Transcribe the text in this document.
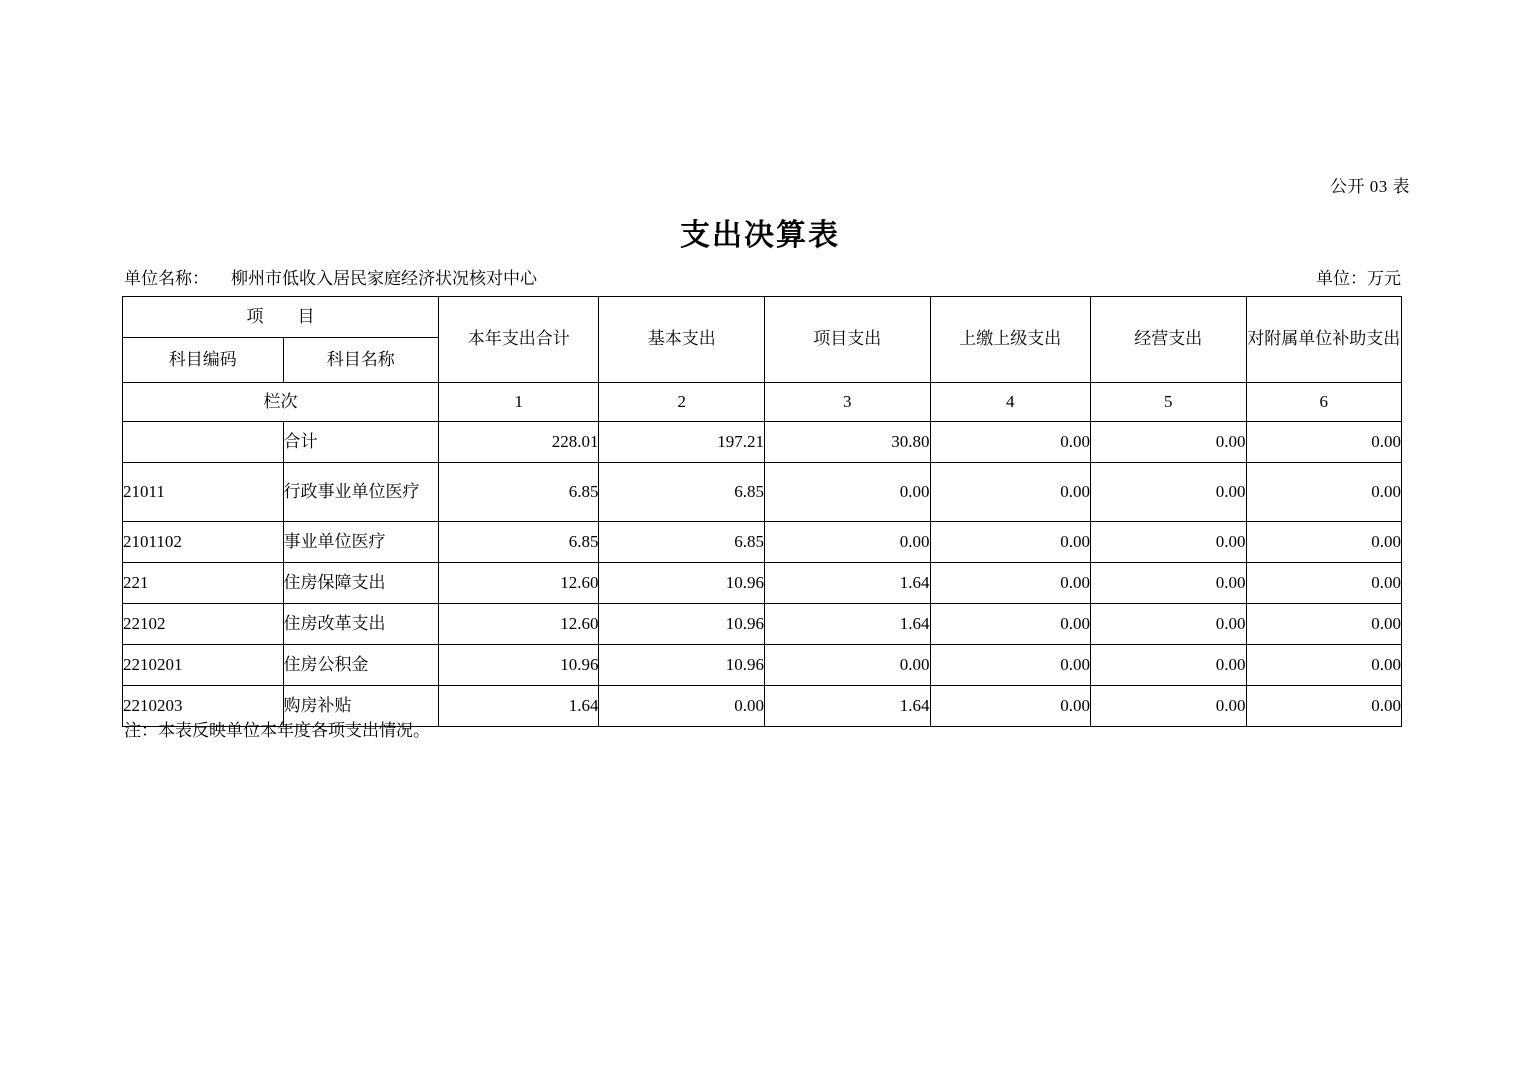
公开 03 表
支出决算表
单位名称： 柳州市低收入居民家庭经济状况核对中心	单位：万元
项　　目		本年支出合计	基本支出	项目支出	上缴上级支出	经营支出	对附属单位补助支出
科目编码	科目名称						
栏次		1	2	3	4	5	6
	合计	228.01	197.21	30.80	0.00	0.00	0.00
21011	行政事业单位医疗	6.85	6.85	0.00	0.00	0.00	0.00
2101102	事业单位医疗	6.85	6.85	0.00	0.00	0.00	0.00
221	住房保障支出	12.60	10.96	1.64	0.00	0.00	0.00
22102	住房改革支出	12.60	10.96	1.64	0.00	0.00	0.00
2210201	住房公积金	10.96	10.96	0.00	0.00	0.00	0.00
2210203	购房补贴	1.64	0.00	1.64	0.00	0.00	0.00
注：本表反映单位本年度各项支出情况。
